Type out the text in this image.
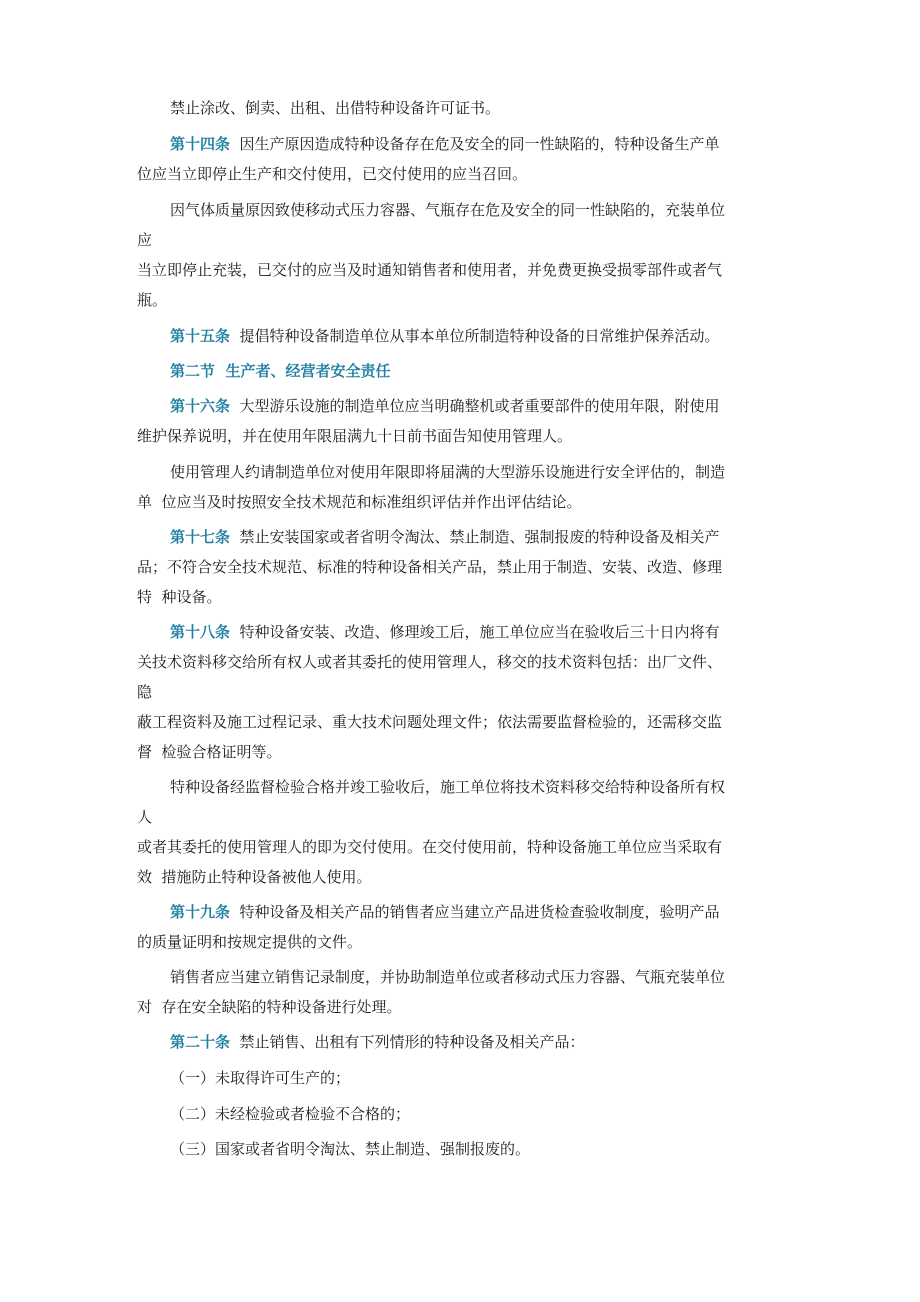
禁止涂改、倒卖、出租、出借特种设备许可证书。
第十四条  因生产原因造成特种设备存在危及安全的同一性缺陷的，特种设备生产单
位应当立即停止生产和交付使用，已交付使用的应当召回。
因气体质量原因致使移动式压力容器、气瓶存在危及安全的同一性缺陷的，充装单位
应
当立即停止充装，已交付的应当及时通知销售者和使用者，并免费更换受损零部件或者气
瓶。
第十五条  提倡特种设备制造单位从事本单位所制造特种设备的日常维护保养活动。
第二节  生产者、经营者安全责任
第十六条  大型游乐设施的制造单位应当明确整机或者重要部件的使用年限，附使用
维护保养说明，并在使用年限届满九十日前书面告知使用管理人。
使用管理人约请制造单位对使用年限即将届满的大型游乐设施进行安全评估的，制造
单  位应当及时按照安全技术规范和标准组织评估并作出评估结论。
第十七条  禁止安装国家或者省明令淘汰、禁止制造、强制报废的特种设备及相关产
品；不符合安全技术规范、标准的特种设备相关产品，禁止用于制造、安装、改造、修理
特  种设备。
第十八条  特种设备安装、改造、修理竣工后，施工单位应当在验收后三十日内将有
关技术资料移交给所有权人或者其委托的使用管理人，移交的技术资料包括：出厂文件、
隐
蔽工程资料及施工过程记录、重大技术问题处理文件；依法需要监督检验的，还需移交监
督  检验合格证明等。
特种设备经监督检验合格并竣工验收后，施工单位将技术资料移交给特种设备所有权
人
或者其委托的使用管理人的即为交付使用。在交付使用前，特种设备施工单位应当采取有
效  措施防止特种设备被他人使用。
第十九条  特种设备及相关产品的销售者应当建立产品进货检查验收制度，验明产品
的质量证明和按规定提供的文件。
销售者应当建立销售记录制度，并协助制造单位或者移动式压力容器、气瓶充装单位
对  存在安全缺陷的特种设备进行处理。
第二十条  禁止销售、出租有下列情形的特种设备及相关产品：
（一）未取得许可生产的；
（二）未经检验或者检验不合格的；
（三）国家或者省明令淘汰、禁止制造、强制报废的。
